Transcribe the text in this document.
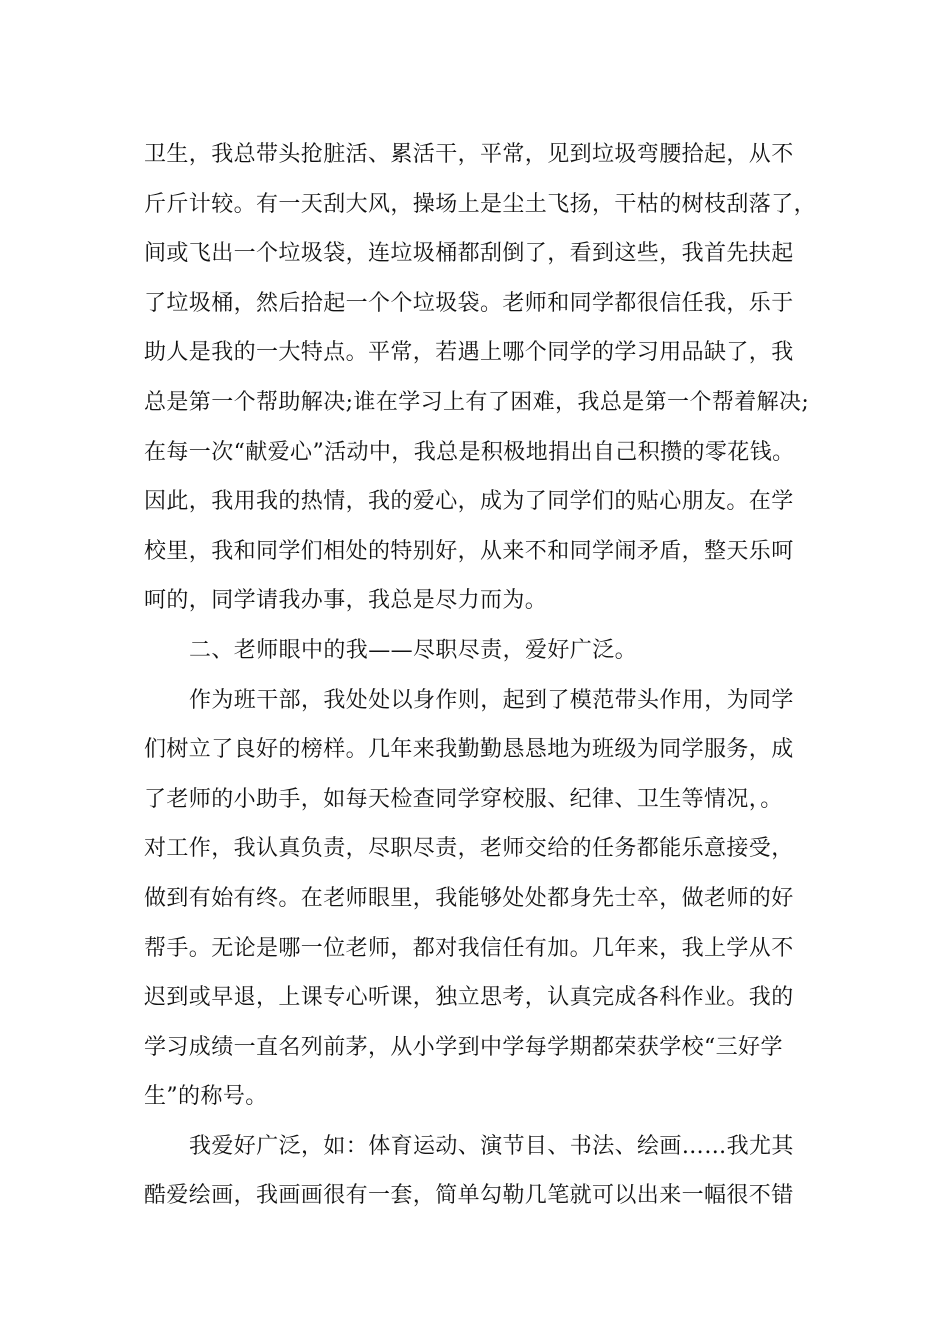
卫生，我总带头抢脏活、累活干，平常，见到垃圾弯腰拾起，从不
斤斤计较。有一天刮大风，操场上是尘土飞扬，干枯的树枝刮落了，
间或飞出一个垃圾袋，连垃圾桶都刮倒了，看到这些，我首先扶起
了垃圾桶，然后拾起一个个垃圾袋。老师和同学都很信任我，乐于
助人是我的一大特点。平常，若遇上哪个同学的学习用品缺了，我
总是第一个帮助解决;谁在学习上有了困难，我总是第一个帮着解决;
在每一次“献爱心”活动中，我总是积极地捐出自己积攒的零花钱。
因此，我用我的热情，我的爱心，成为了同学们的贴心朋友。在学
校里，我和同学们相处的特别好，从来不和同学闹矛盾，整天乐呵
呵的，同学请我办事，我总是尽力而为。
二、老师眼中的我——尽职尽责，爱好广泛。
作为班干部，我处处以身作则，起到了模范带头作用，为同学
们树立了良好的榜样。几年来我勤勤恳恳地为班级为同学服务，成
了老师的小助手，如每天检查同学穿校服、纪律、卫生等情况，。
对工作，我认真负责，尽职尽责，老师交给的任务都能乐意接受，
做到有始有终。在老师眼里，我能够处处都身先士卒，做老师的好
帮手。无论是哪一位老师，都对我信任有加。几年来，我上学从不
迟到或早退，上课专心听课，独立思考，认真完成各科作业。我的
学习成绩一直名列前茅，从小学到中学每学期都荣获学校“三好学
生”的称号。
我爱好广泛，如：体育运动、演节目、书法、绘画……我尤其
酷爱绘画，我画画很有一套，简单勾勒几笔就可以出来一幅很不错
